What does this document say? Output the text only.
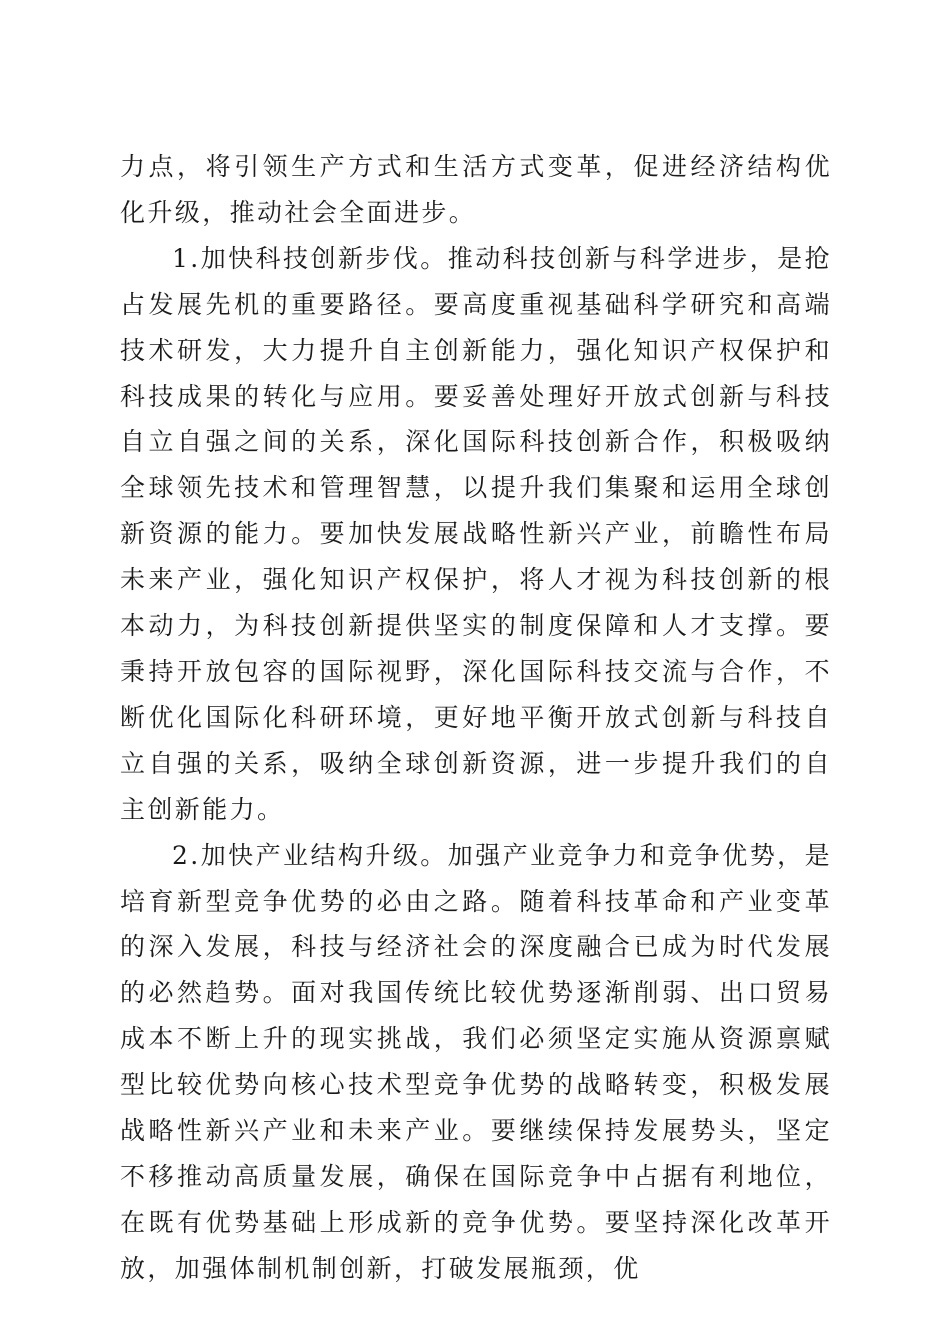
力点，将引领生产方式和生活方式变革，促进经济结构优化升级，推动社会全面进步。

1.加快科技创新步伐。推动科技创新与科学进步，是抢占发展先机的重要路径。要高度重视基础科学研究和高端技术研发，大力提升自主创新能力，强化知识产权保护和科技成果的转化与应用。要妥善处理好开放式创新与科技自立自强之间的关系，深化国际科技创新合作，积极吸纳全球领先技术和管理智慧，以提升我们集聚和运用全球创新资源的能力。要加快发展战略性新兴产业，前瞻性布局未来产业，强化知识产权保护，将人才视为科技创新的根本动力，为科技创新提供坚实的制度保障和人才支撑。要秉持开放包容的国际视野，深化国际科技交流与合作，不断优化国际化科研环境，更好地平衡开放式创新与科技自立自强的关系，吸纳全球创新资源，进一步提升我们的自主创新能力。

2.加快产业结构升级。加强产业竞争力和竞争优势，是培育新型竞争优势的必由之路。随着科技革命和产业变革的深入发展，科技与经济社会的深度融合已成为时代发展的必然趋势。面对我国传统比较优势逐渐削弱、出口贸易成本不断上升的现实挑战，我们必须坚定实施从资源禀赋型比较优势向核心技术型竞争优势的战略转变，积极发展战略性新兴产业和未来产业。要继续保持发展势头，坚定不移推动高质量发展，确保在国际竞争中占据有利地位，在既有优势基础上形成新的竞争优势。要坚持深化改革开放，加强体制机制创新，打破发展瓶颈，优
